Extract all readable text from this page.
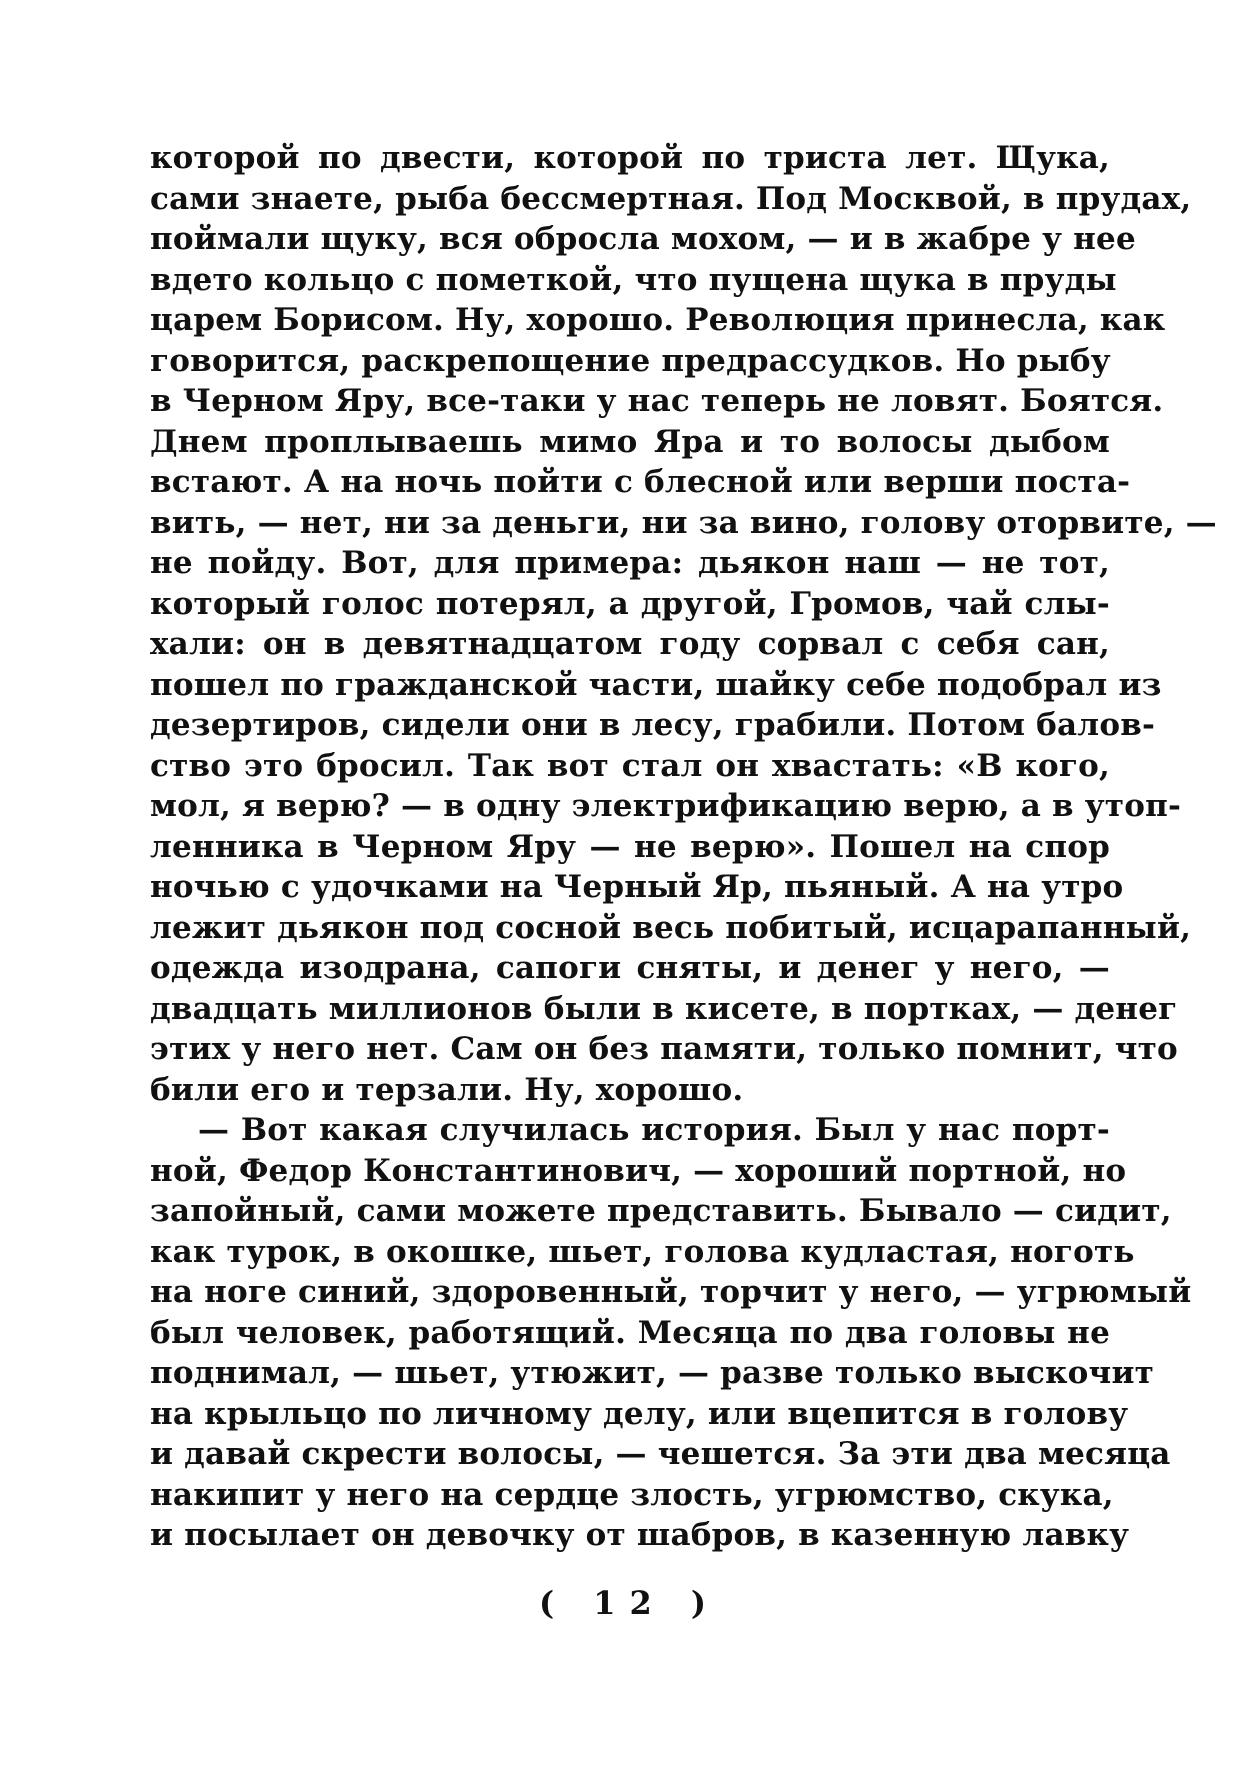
которой по двести, которой по триста лет. Щука,
сами знаете, рыба бессмертная. Под Москвой, в прудах,
поймали щуку, вся обросла мохом, — и в жабре у нее
вдето кольцо с пометкой, что пущена щука в пруды
царем Борисом. Ну, хорошо. Революция принесла, как
говорится, раскрепощение предрассудков. Но рыбу
в Черном Яру, все-таки у нас теперь не ловят. Боятся.
Днем проплываешь мимо Яра и то волосы дыбом
встают. А на ночь пойти с блесной или верши поста-
вить, — нет, ни за деньги, ни за вино, голову оторвите, —
не пойду. Вот, для примера: дьякон наш — не тот,
который голос потерял, а другой, Громов, чай слы-
хали: он в девятнадцатом году сорвал с себя сан,
пошел по гражданской части, шайку себе подобрал из
дезертиров, сидели они в лесу, грабили. Потом балов-
ство это бросил. Так вот стал он хвастать: «В кого,
мол, я верю? — в одну электрификацию верю, а в утоп-
ленника в Черном Яру — не верю». Пошел на спор
ночью с удочками на Черный Яр, пьяный. А на утро
лежит дьякон под сосной весь побитый, исцарапанный,
одежда изодрана, сапоги сняты, и денег у него, —
двадцать миллионов были в кисете, в портках, — денег
этих у него нет. Сам он без памяти, только помнит, что
били его и терзали. Ну, хорошо.
— Вот какая случилась история. Был у нас порт-
ной, Федор Константинович, — хороший портной, но
запойный, сами можете представить. Бывало — сидит,
как турок, в окошке, шьет, голова кудластая, ноготь
на ноге синий, здоровенный, торчит у него, — угрюмый
был человек, работящий. Месяца по два головы не
поднимал, — шьет, утюжит, — разве только выскочит
на крыльцо по личному делу, или вцепится в голову
и давай скрести волосы, — чешется. За эти два месяца
накипит у него на сердце злость, угрюмство, скука,
и посылает он девочку от шабров, в казенную лавку
( 12 )
